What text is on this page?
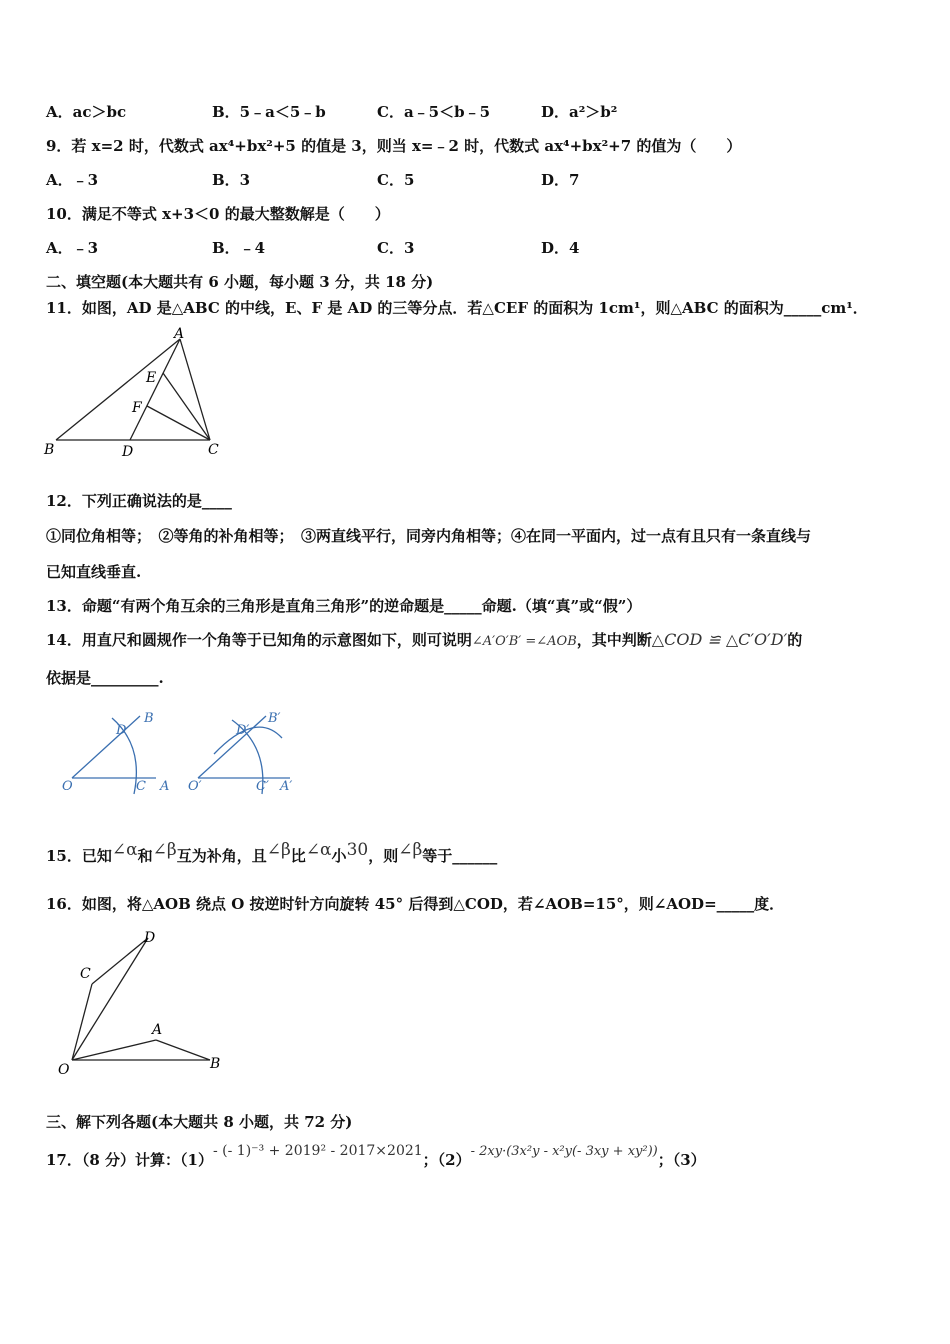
A．ac＞bc	B．5﹣a＜5﹣b	C．a﹣5＜b﹣5	D．a²＞b²
9．若 x=2 时，代数式 ax⁴+bx²+5 的值是 3，则当 x=﹣2 时，代数式 ax⁴+bx²+7 的值为（　　）
A．﹣3	B．3	C．5	D．7
10．满足不等式 x+3＜0 的最大整数解是（　　）
A．﹣3	B．﹣4	C．3	D．4
二、填空题(本大题共有 6 小题，每小题 3 分，共 18 分)
11．如图，AD 是△ABC 的中线，E、F 是 AD 的三等分点．若△CEF 的面积为 1cm¹，则△ABC 的面积为_____cm¹．
A
E
F
B	D	C
12．下列正确说法的是____
①同位角相等；　②等角的补角相等；　③两直线平行，同旁内角相等；④在同一平面内，过一点有且只有一条直线与
已知直线垂直.
13．命题“有两个角互余的三角形是直角三角形”的逆命题是_____命题.（填“真”或“假”）
14．用直尺和圆规作一个角等于已知角的示意图如下，则可说明∠A′O′B′ =∠AOB，其中判断△COD ≌ △C′O′D′的
依据是_________.
D
B
O	C A
D′
B′
O′	C′ A′
15．已知∠α和∠β互为补角，且∠β比∠α小30，则∠β等于______
16．如图，将△AOB 绕点 O 按逆时针方向旋转 45° 后得到△COD，若∠AOB=15°，则∠AOD=_____度．
D
C
A
O	B
三、解下列各题(本大题共 8 小题，共 72 分)
17．（8 分）计算：（1）- (- 1)⁻³ + 2019² - 2017×2021；（2）- 2xy·(3x²y - x²y(- 3xy + xy²))；（3）
